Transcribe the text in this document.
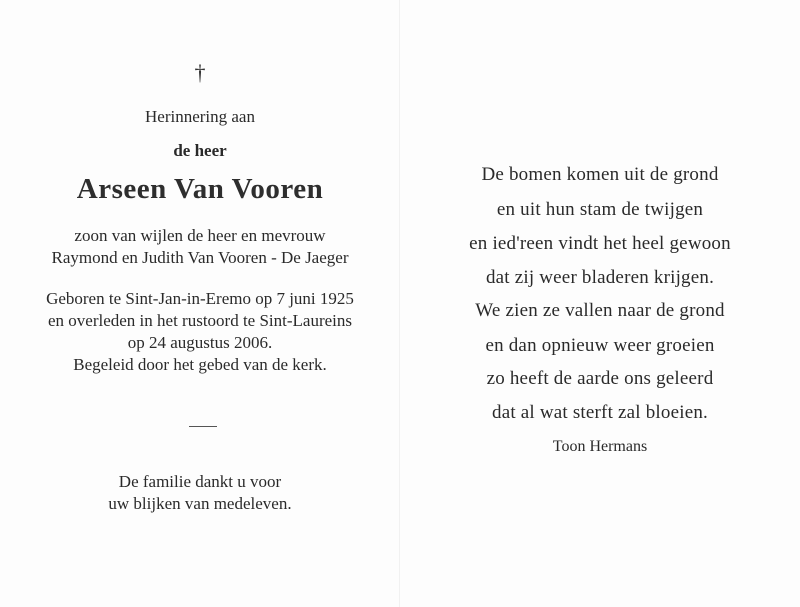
†
Herinnering aan
de heer
Arseen Van Vooren
zoon van wijlen de heer en mevrouw
Raymond en Judith Van Vooren - De Jaeger
Geboren te Sint-Jan-in-Eremo op 7 juni 1925
en overleden in het rustoord te Sint-Laureins
op 24 augustus 2006.
Begeleid door het gebed van de kerk.
De familie dankt u voor
uw blijken van medeleven.
De bomen komen uit de grond
en uit hun stam de twijgen
en ied'reen vindt het heel gewoon
dat zij weer bladeren krijgen.
We zien ze vallen naar de grond
en dan opnieuw weer groeien
zo heeft de aarde ons geleerd
dat al wat sterft zal bloeien.
Toon Hermans
